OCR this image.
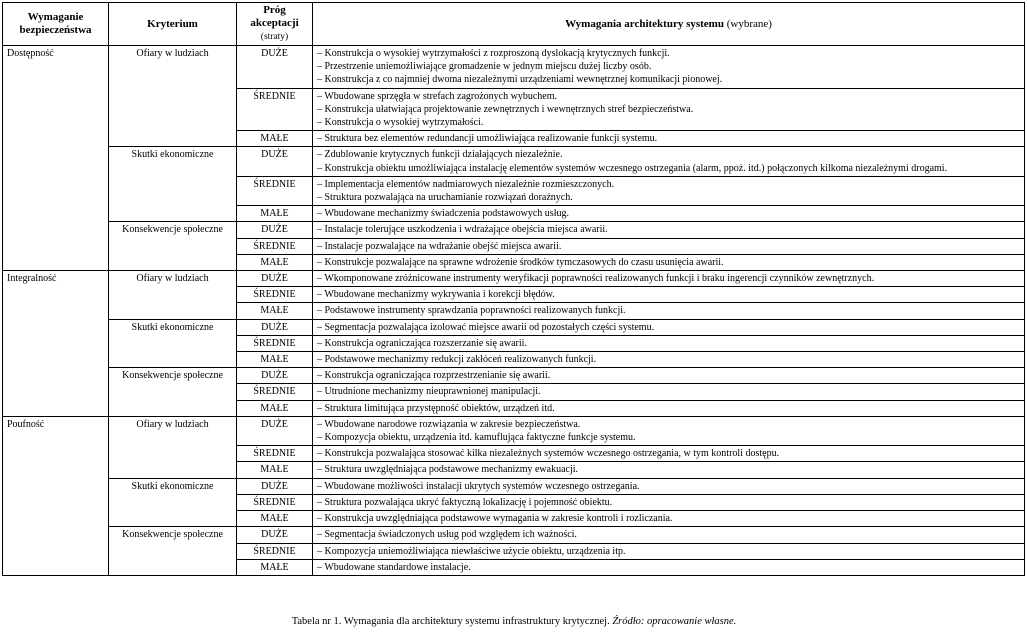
Wymaganie bezpieczeństwa	Kryterium	Próg akceptacji
(straty)	Wymagania architektury systemu (wybrane)
Dostępność	Ofiary w ludziach	DUŻE	– Konstrukcja o wysokiej wytrzymałości z rozproszoną dyslokacją krytycznych funkcji.
– Przestrzenie uniemożliwiające gromadzenie w jednym miejscu dużej liczby osób.
– Konstrukcja z co najmniej dwoma niezależnymi urządzeniami wewnętrznej komunikacji pionowej.

		ŚREDNIE	– Wbudowane sprzęgła w strefach zagrożonych wybuchem.
– Konstrukcja ułatwiająca projektowanie zewnętrznych i wewnętrznych stref bezpieczeństwa.
– Konstrukcja o wysokiej wytrzymałości.

		MAŁE	– Struktura bez elementów redundancji umożliwiająca realizowanie funkcji systemu.

	Skutki ekonomiczne	DUŻE	– Zdublowanie krytycznych funkcji działających niezależnie.
– Konstrukcja obiektu umożliwiająca instalację elementów systemów wczesnego ostrzegania (alarm, ppoż. itd.) połączonych kilkoma niezależnymi drogami.

		ŚREDNIE	– Implementacja elementów nadmiarowych niezależnie rozmieszczonych.
– Struktura pozwalająca na uruchamianie rozwiązań doraźnych.

		MAŁE	– Wbudowane mechanizmy świadczenia podstawowych usług.

	Konsekwencje społeczne	DUŻE	– Instalacje tolerujące uszkodzenia i wdrażające obejścia miejsca awarii.

		ŚREDNIE	– Instalacje pozwalające na wdrażanie obejść miejsca awarii.

		MAŁE	– Konstrukcje pozwalające na sprawne wdrożenie środków tymczasowych do czasu usunięcia awarii.

Integralność	Ofiary w ludziach	DUŻE	– Wkomponowane zróżnicowane instrumenty weryfikacji poprawności realizowanych funkcji i braku ingerencji czynników zewnętrznych.

		ŚREDNIE	– Wbudowane mechanizmy wykrywania i korekcji błędów.

		MAŁE	– Podstawowe instrumenty sprawdzania poprawności realizowanych funkcji.

	Skutki ekonomiczne	DUŻE	– Segmentacja pozwalająca izolować miejsce awarii od pozostałych części systemu.

		ŚREDNIE	– Konstrukcja ograniczająca rozszerzanie się awarii.

		MAŁE	– Podstawowe mechanizmy redukcji zakłóceń realizowanych funkcji.

	Konsekwencje społeczne	DUŻE	– Konstrukcja ograniczająca rozprzestrzenianie się awarii.

		ŚREDNIE	– Utrudnione mechanizmy nieuprawnionej manipulacji.

		MAŁE	– Struktura limitująca przystępność obiektów, urządzeń itd.

Poufność	Ofiary w ludziach	DUŻE	– Wbudowane narodowe rozwiązania w zakresie bezpieczeństwa.
– Kompozycja obiektu, urządzenia itd. kamuflująca faktyczne funkcje systemu.

		ŚREDNIE	– Konstrukcja pozwalająca stosować kilka niezależnych systemów wczesnego ostrzegania, w tym kontroli dostępu.

		MAŁE	– Struktura uwzględniająca podstawowe mechanizmy ewakuacji.

	Skutki ekonomiczne	DUŻE	– Wbudowane możliwości instalacji ukrytych systemów wczesnego ostrzegania.

		ŚREDNIE	– Struktura pozwalająca ukryć faktyczną lokalizację i pojemność obiektu.

		MAŁE	– Konstrukcja uwzględniająca podstawowe wymagania w zakresie kontroli i rozliczania.

	Konsekwencje społeczne	DUŻE	– Segmentacja świadczonych usług pod względem ich ważności.

		ŚREDNIE	– Kompozycja uniemożliwiająca niewłaściwe użycie obiektu, urządzenia itp.

		MAŁE	– Wbudowane standardowe instalacje.
Tabela nr 1. Wymagania dla architektury systemu infrastruktury krytycznej. Źródło: opracowanie własne.
